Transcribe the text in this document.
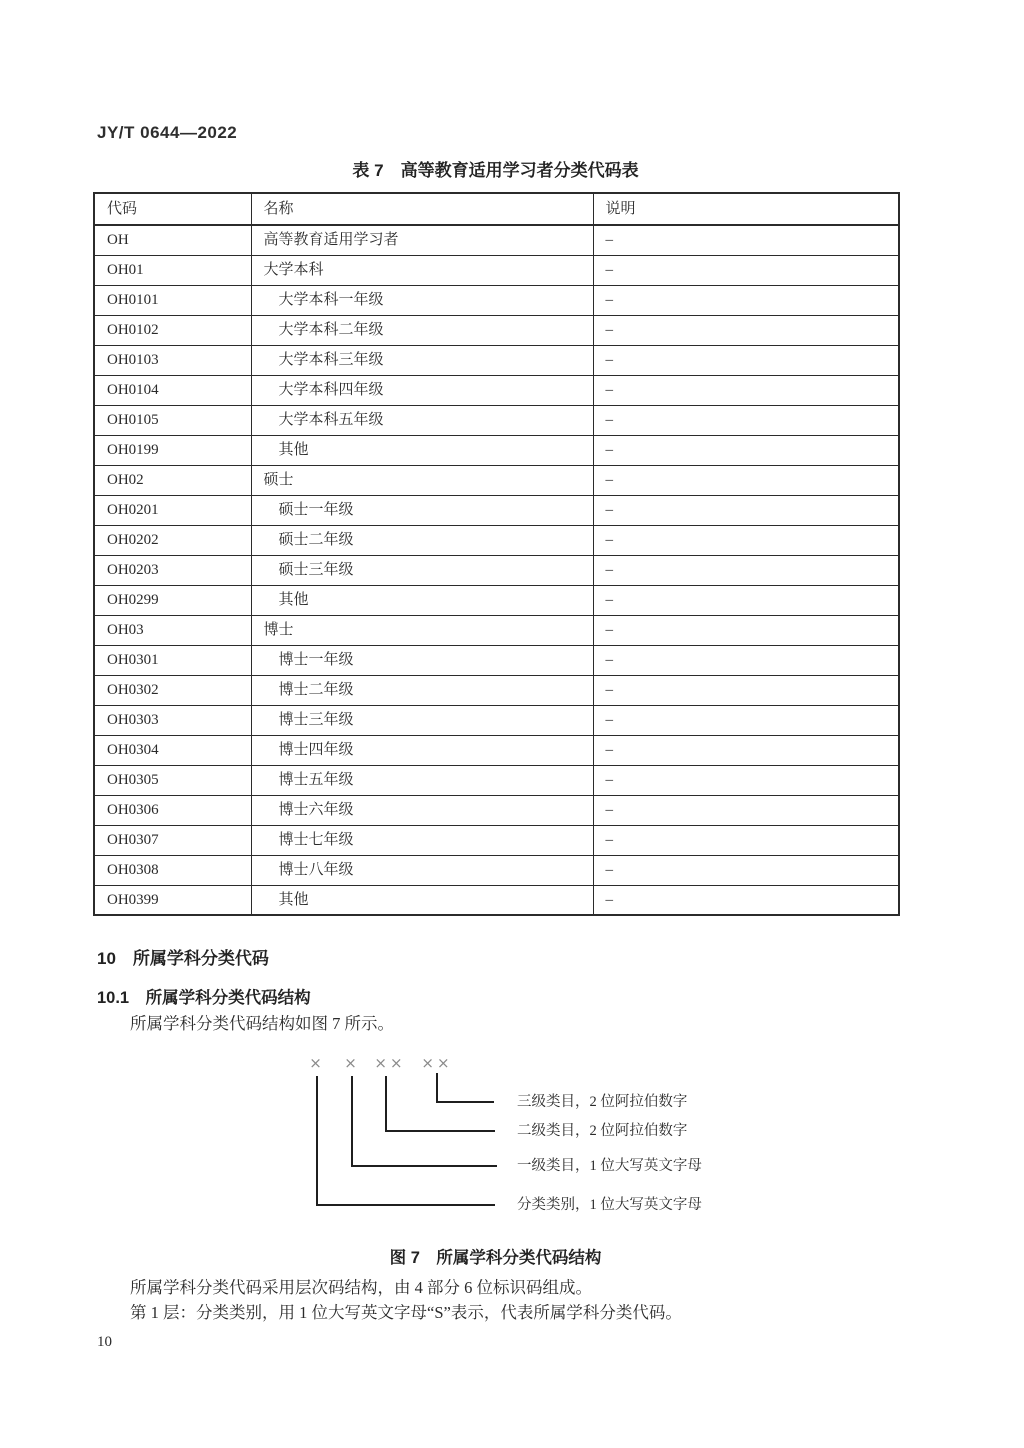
JY/T 0644—2022
表 7　高等教育适用学习者分类代码表
代码	名称	说明
OH	高等教育适用学习者	–
OH01	大学本科	–
OH0101	大学本科一年级	–
OH0102	大学本科二年级	–
OH0103	大学本科三年级	–
OH0104	大学本科四年级	–
OH0105	大学本科五年级	–
OH0199	其他	–
OH02	硕士	–
OH0201	硕士一年级	–
OH0202	硕士二年级	–
OH0203	硕士三年级	–
OH0299	其他	–
OH03	博士	–
OH0301	博士一年级	–
OH0302	博士二年级	–
OH0303	博士三年级	–
OH0304	博士四年级	–
OH0305	博士五年级	–
OH0306	博士六年级	–
OH0307	博士七年级	–
OH0308	博士八年级	–
OH0399	其他	–
10　所属学科分类代码
10.1　所属学科分类代码结构
所属学科分类代码结构如图 7 所示。
× × ×× ××
三级类目，2 位阿拉伯数字
二级类目，2 位阿拉伯数字
一级类目，1 位大写英文字母
分类类别，1 位大写英文字母
图 7　所属学科分类代码结构
所属学科分类代码采用层次码结构，由 4 部分 6 位标识码组成。
第 1 层：分类类别，用 1 位大写英文字母“S”表示，代表所属学科分类代码。
10
